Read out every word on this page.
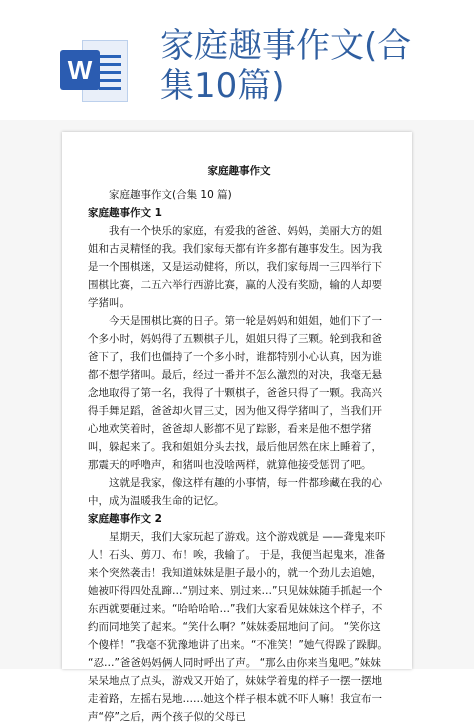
W
家庭趣事作文(合
集10篇)
家庭趣事作文
家庭趣事作文(合集 10 篇)
家庭趣事作文 1
我有一个快乐的家庭，有爱我的爸爸、妈妈，美丽大方的姐姐和古灵精怪的我。我们家每天都有许多都有趣事发生。因为我是一个围棋迷，又是运动健将，所以，我们家每周一三四举行下围棋比赛，二五六举行西游比赛，赢的人没有奖励，输的人却要学猪叫。
今天是围棋比赛的日子。第一轮是妈妈和姐姐，她们下了一个多小时，妈妈得了五颗棋子儿，姐姐只得了三颗。轮到我和爸爸下了，我们也僵持了一个多小时，谁都特别小心认真，因为谁都不想学猪叫。最后，经过一番并不怎么激烈的对决，我毫无悬念地取得了第一名，我得了十颗棋子，爸爸只得了一颗。我高兴得手舞足蹈，爸爸却火冒三丈，因为他又得学猪叫了，当我们开心地欢笑着时，爸爸却人影都不见了踪影，看来是他不想学猪叫，躲起来了。我和姐姐分头去找，最后他居然在床上睡着了，那震天的呼噜声，和猪叫也没啥两样，就算他接受惩罚了吧。
这就是我家，像这样有趣的小事情，每一件都珍藏在我的心中，成为温暖我生命的记忆。
家庭趣事作文 2
星期天，我们大家玩起了游戏。这个游戏就是 ——聋鬼来吓人！石头、剪刀、布！唉，我输了。 于是，我便当起鬼来，准备来个突然袭击！我知道妹妹是胆子最小的，就一个劲儿去追她，她被吓得四处乱蹿…“别过来、别过来…”只见妹妹随手抓起一个东西就要砸过来。“哈哈哈哈…”我们大家看见妹妹这个样子，不约而同地笑了起来。“笑什么啊？”妹妹委屈地问了问。 “笑你这个傻样！”我毫不犹豫地讲了出来。“不准笑！”她气得跺了跺脚。 “忍…”爸爸妈妈俩人同时呼出了声。 “那么由你来当鬼吧。”妹妹呆呆地点了点头，游戏又开始了，妹妹学着鬼的样子一摆一摆地走着路，左摇右晃地……她这个样子根本就不吓人嘛！我宣布一声“停”之后，两个孩子似的父母已
